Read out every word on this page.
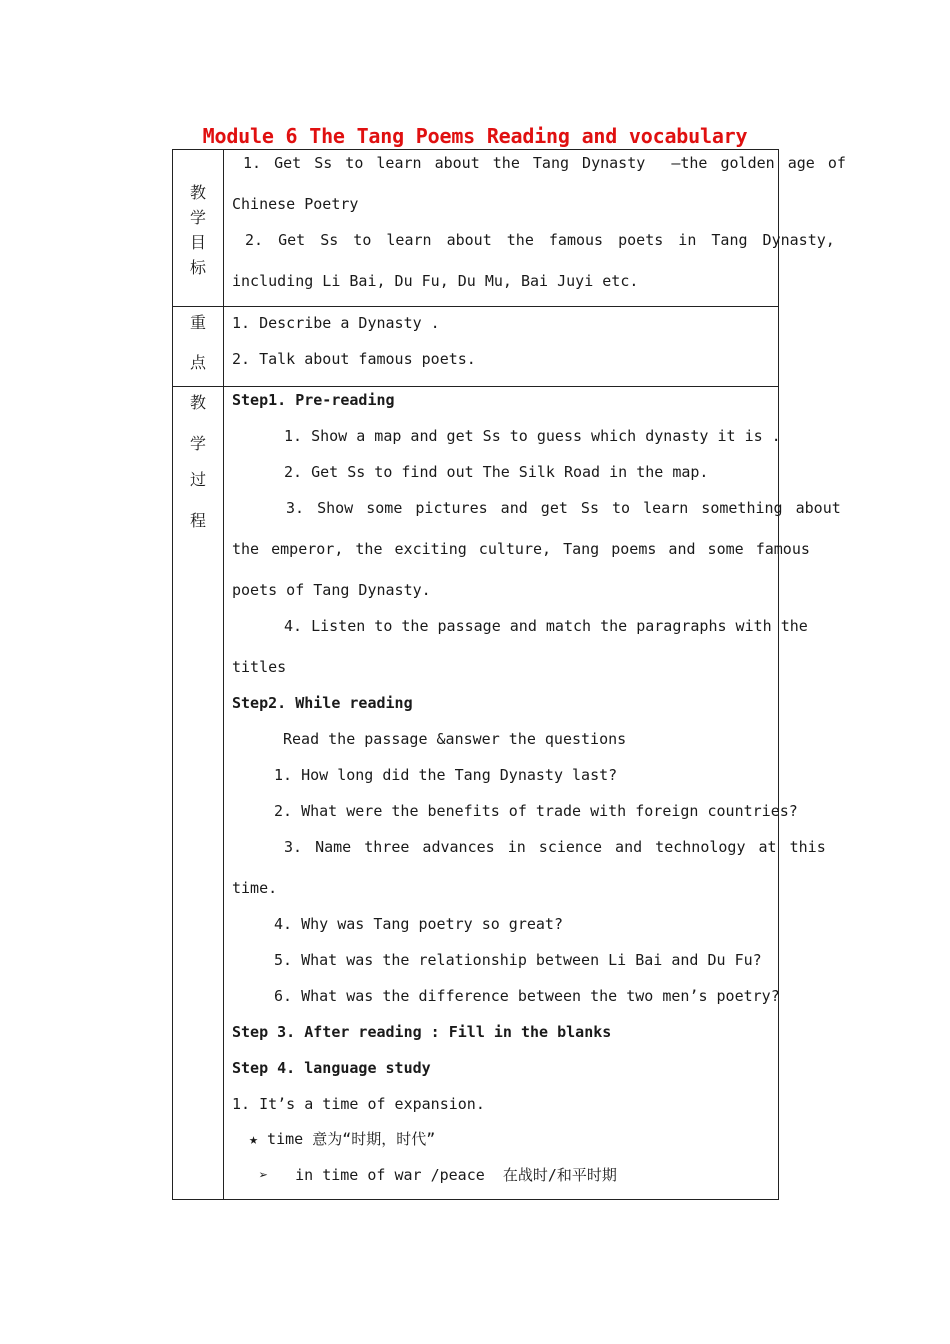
Module 6 The Tang Poems Reading and vocabulary
教
学
目
标
1. Get Ss to learn about the Tang Dynasty  —the golden age of
Chinese Poetry
2. Get Ss to learn about the famous poets in Tang Dynasty,
including Li Bai, Du Fu, Du Mu, Bai Juyi etc.
重
点
1. Describe a Dynasty .
2. Talk about famous poets.
教
学
过
程
Step1. Pre-reading
1. Show a map and get Ss to guess which dynasty it is .
2. Get Ss to find out The Silk Road in the map.
3. Show some pictures and get Ss to learn something about
the emperor, the exciting culture, Tang poems and some famous
poets of Tang Dynasty.
4. Listen to the passage and match the paragraphs with the
titles
Step2. While reading
Read the passage &answer the questions
1. How long did the Tang Dynasty last?
2. What were the benefits of trade with foreign countries?
3. Name three advances in science and technology at this
time.
4. Why was Tang poetry so great?
5. What was the relationship between Li Bai and Du Fu?
6. What was the difference between the two men’s poetry?
Step 3. After reading : Fill in the blanks
Step 4. language study
1. It’s a time of expansion.
★ time 意为“时期，时代”
➢   in time of war /peace  在战时/和平时期
